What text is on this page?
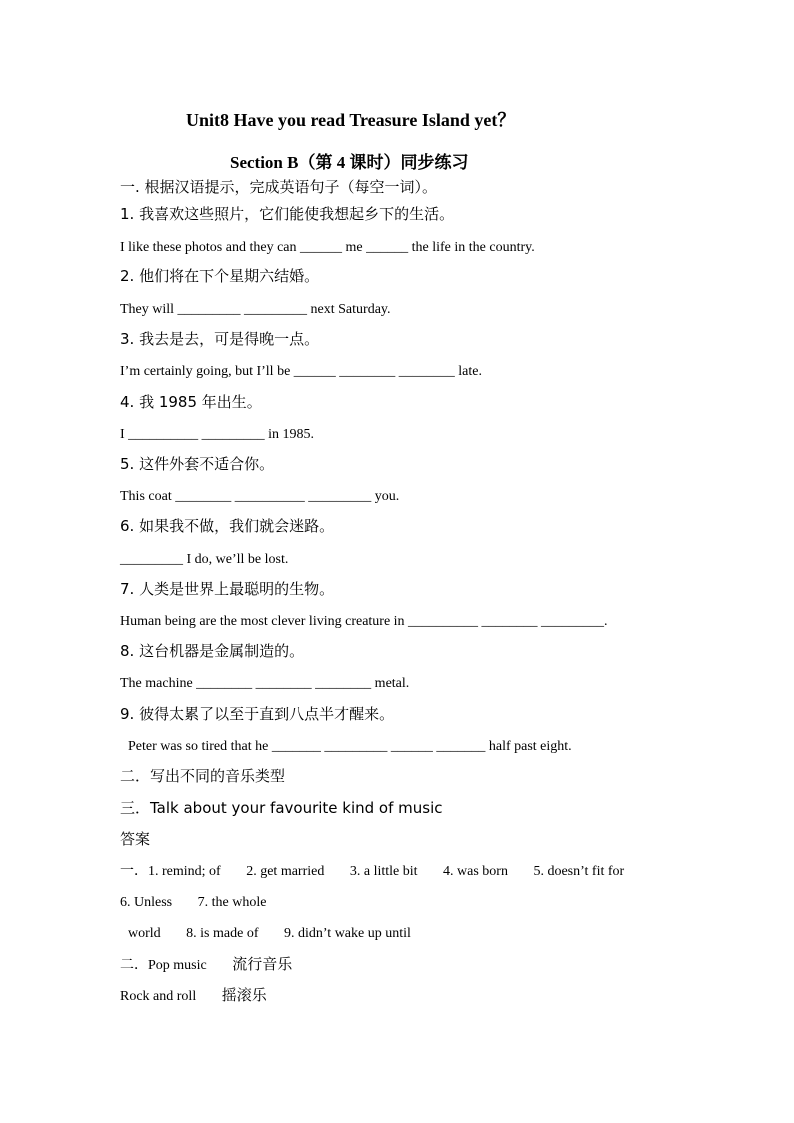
Unit8 Have you read Treasure Island yet？
Section B（第 4 课时）同步练习
一. 根据汉语提示，完成英语句子（每空一词）。
1. 我喜欢这些照片，它们能使我想起乡下的生活。
I like these photos and they can ______ me ______ the life in the country.
2. 他们将在下个星期六结婚。
They will _________ _________ next Saturday.
3. 我去是去，可是得晚一点。
I’m certainly going, but I’ll be ______ ________ ________ late.
4. 我 1985 年出生。
I __________ _________ in 1985.
5. 这件外套不适合你。
This coat ________ __________ _________ you.
6. 如果我不做，我们就会迷路。
_________ I do, we’ll be lost.
7. 人类是世界上最聪明的生物。
Human being are the most clever living creature in __________ ________ _________.
8. 这台机器是金属制造的。
The machine ________ ________ ________ metal.
9. 彼得太累了以至于直到八点半才醒来。
Peter was so tired that he _______ _________ ______ _______ half past eight.
二．写出不同的音乐类型
三．Talk about your favourite kind of music
答案
一．1. remind; of 2. get married 3. a little bit 4. was born 5. doesn’t fit for
6. Unless 7. the whole
world 8. is made of 9. didn’t wake up until
二．Pop music 流行音乐
Rock and roll 摇滚乐
